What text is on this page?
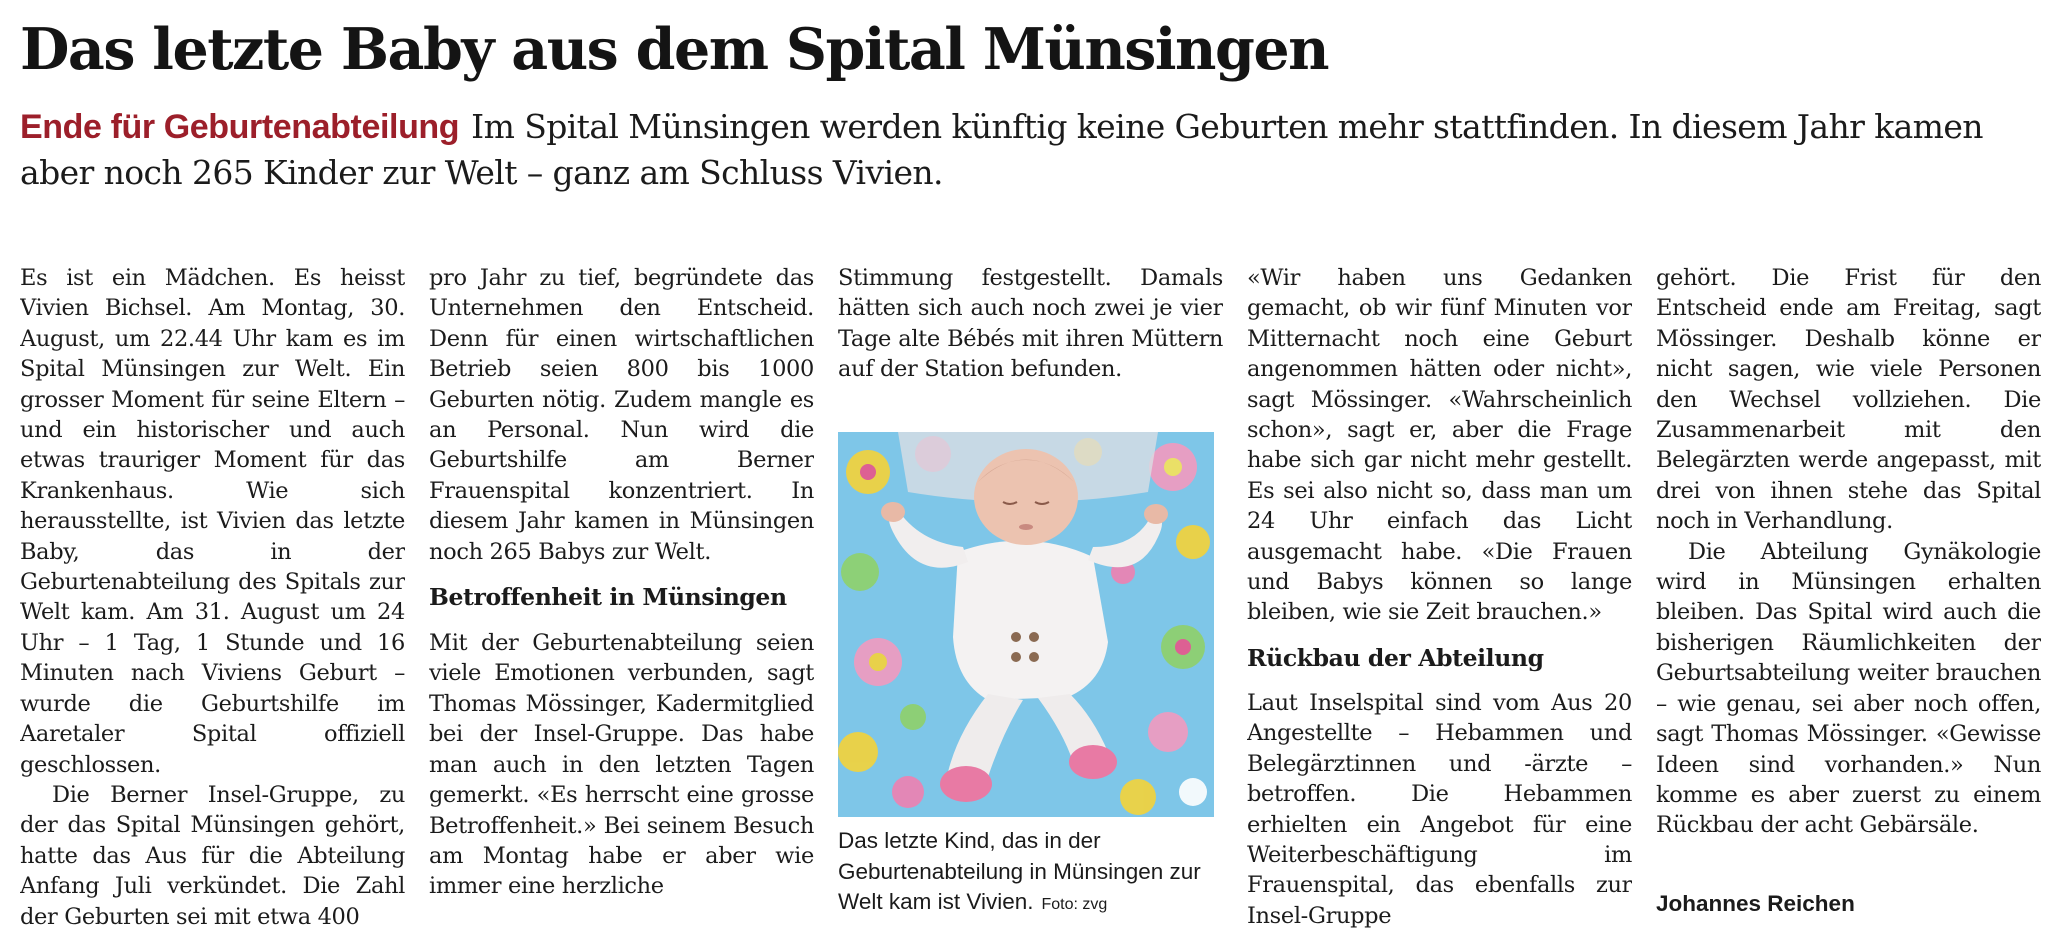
Das letzte Baby aus dem Spital Münsingen

Ende für Geburtenabteilung Im Spital Münsingen werden künftig keine Geburten mehr stattfinden. In diesem Jahr kamen aber noch 265 Kinder zur Welt – ganz am Schluss Vivien.

Es ist ein Mädchen. Es heisst Vivien Bichsel. Am Montag, 30. August, um 22.44 Uhr kam es im Spital Münsingen zur Welt. Ein grosser Moment für seine Eltern – und ein historischer und auch etwas trauriger Moment für das Krankenhaus. Wie sich herausstellte, ist Vivien das letzte Baby, das in der Geburtenabteilung des Spitals zur Welt kam. Am 31. August um 24 Uhr – 1 Tag, 1 Stunde und 16 Minuten nach Viviens Geburt – wurde die Geburtshilfe im Aaretaler Spital offiziell geschlossen.

Die Berner Insel-Gruppe, zu der das Spital Münsingen gehört, hatte das Aus für die Abteilung Anfang Juli verkündet. Die Zahl der Geburten sei mit etwa 400

pro Jahr zu tief, begründete das Unternehmen den Entscheid. Denn für einen wirtschaftlichen Betrieb seien 800 bis 1000 Geburten nötig. Zudem mangle es an Personal. Nun wird die Geburtshilfe am Berner Frauenspital konzentriert. In diesem Jahr kamen in Münsingen noch 265 Babys zur Welt.

Betroffenheit in Münsingen

Mit der Geburtenabteilung seien viele Emotionen verbunden, sagt Thomas Mössinger, Kadermitglied bei der Insel-Gruppe. Das habe man auch in den letzten Tagen gemerkt. «Es herrscht eine grosse Betroffenheit.» Bei seinem Besuch am Montag habe er aber wie immer eine herzliche

Stimmung festgestellt. Damals hätten sich auch noch zwei je vier Tage alte Bébés mit ihren Müttern auf der Station befunden.

Das letzte Kind, das in der Geburtenabteilung in Münsingen zur Welt kam ist Vivien. Foto: zvg

«Wir haben uns Gedanken gemacht, ob wir fünf Minuten vor Mitternacht noch eine Geburt angenommen hätten oder nicht», sagt Mössinger. «Wahrscheinlich schon», sagt er, aber die Frage habe sich gar nicht mehr gestellt. Es sei also nicht so, dass man um 24 Uhr einfach das Licht ausgemacht habe. «Die Frauen und Babys können so lange bleiben, wie sie Zeit brauchen.»

Rückbau der Abteilung

Laut Inselspital sind vom Aus 20 Angestellte – Hebammen und Belegärztinnen und -ärzte – betroffen. Die Hebammen erhielten ein Angebot für eine Weiterbeschäftigung im Frauenspital, das ebenfalls zur Insel-Gruppe

gehört. Die Frist für den Entscheid ende am Freitag, sagt Mössinger. Deshalb könne er nicht sagen, wie viele Personen den Wechsel vollziehen. Die Zusammenarbeit mit den Belegärzten werde angepasst, mit drei von ihnen stehe das Spital noch in Verhandlung.

Die Abteilung Gynäkologie wird in Münsingen erhalten bleiben. Das Spital wird auch die bisherigen Räumlichkeiten der Geburtsabteilung weiter brauchen – wie genau, sei aber noch offen, sagt Thomas Mössinger. «Gewisse Ideen sind vorhanden.» Nun komme es aber zuerst zu einem Rückbau der acht Gebärsäle.

Johannes Reichen
